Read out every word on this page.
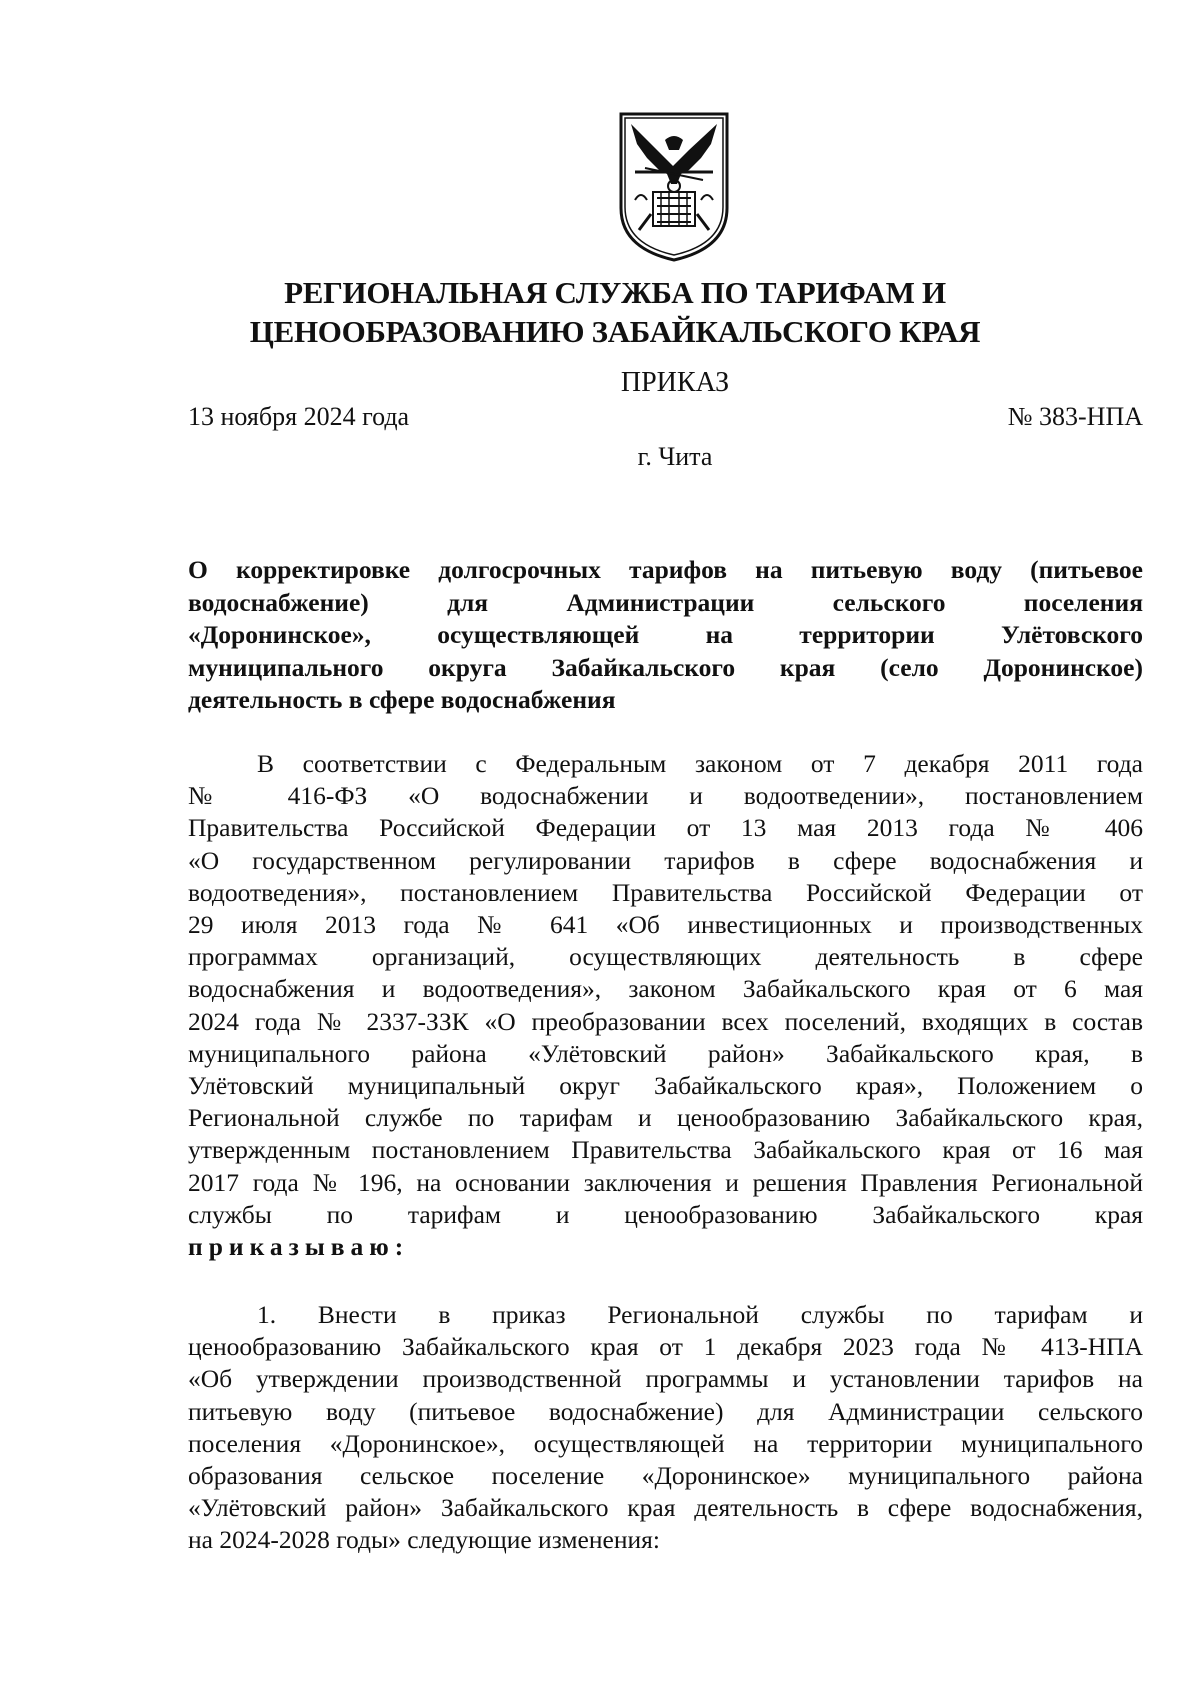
РЕГИОНАЛЬНАЯ СЛУЖБА ПО ТАРИФАМ И
ЦЕНООБРАЗОВАНИЮ ЗАБАЙКАЛЬСКОГО КРАЯ
ПРИКАЗ
13 ноября 2024 года	№ 383-НПА
г. Чита
О корректировке долгосрочных тарифов на питьевую воду (питьевое
водоснабжение) для Администрации сельского поселения
«Доронинское», осуществляющей на территории Улётовского
муниципального округа Забайкальского края (село Доронинское)
деятельность в сфере водоснабжения
В соответствии с Федеральным законом от 7 декабря 2011 года
№ 416-ФЗ «О водоснабжении и водоотведении», постановлением
Правительства Российской Федерации от 13 мая 2013 года № 406
«О государственном регулировании тарифов в сфере водоснабжения и
водоотведения», постановлением Правительства Российской Федерации от
29 июля 2013 года № 641 «Об инвестиционных и производственных
программах организаций, осуществляющих деятельность в сфере
водоснабжения и водоотведения», законом Забайкальского края от 6 мая
2024 года № 2337-ЗЗК «О преобразовании всех поселений, входящих в состав
муниципального района «Улётовский район» Забайкальского края, в
Улётовский муниципальный округ Забайкальского края», Положением о
Региональной службе по тарифам и ценообразованию Забайкальского края,
утвержденным постановлением Правительства Забайкальского края от 16 мая
2017 года № 196, на основании заключения и решения Правления Региональной
службы по тарифам и ценообразованию Забайкальского края
приказываю:
1. Внести в приказ Региональной службы по тарифам и
ценообразованию Забайкальского края от 1 декабря 2023 года № 413-НПА
«Об утверждении производственной программы и установлении тарифов на
питьевую воду (питьевое водоснабжение) для Администрации сельского
поселения «Доронинское», осуществляющей на территории муниципального
образования сельское поселение «Доронинское» муниципального района
«Улётовский район» Забайкальского края деятельность в сфере водоснабжения,
на 2024-2028 годы» следующие изменения:
